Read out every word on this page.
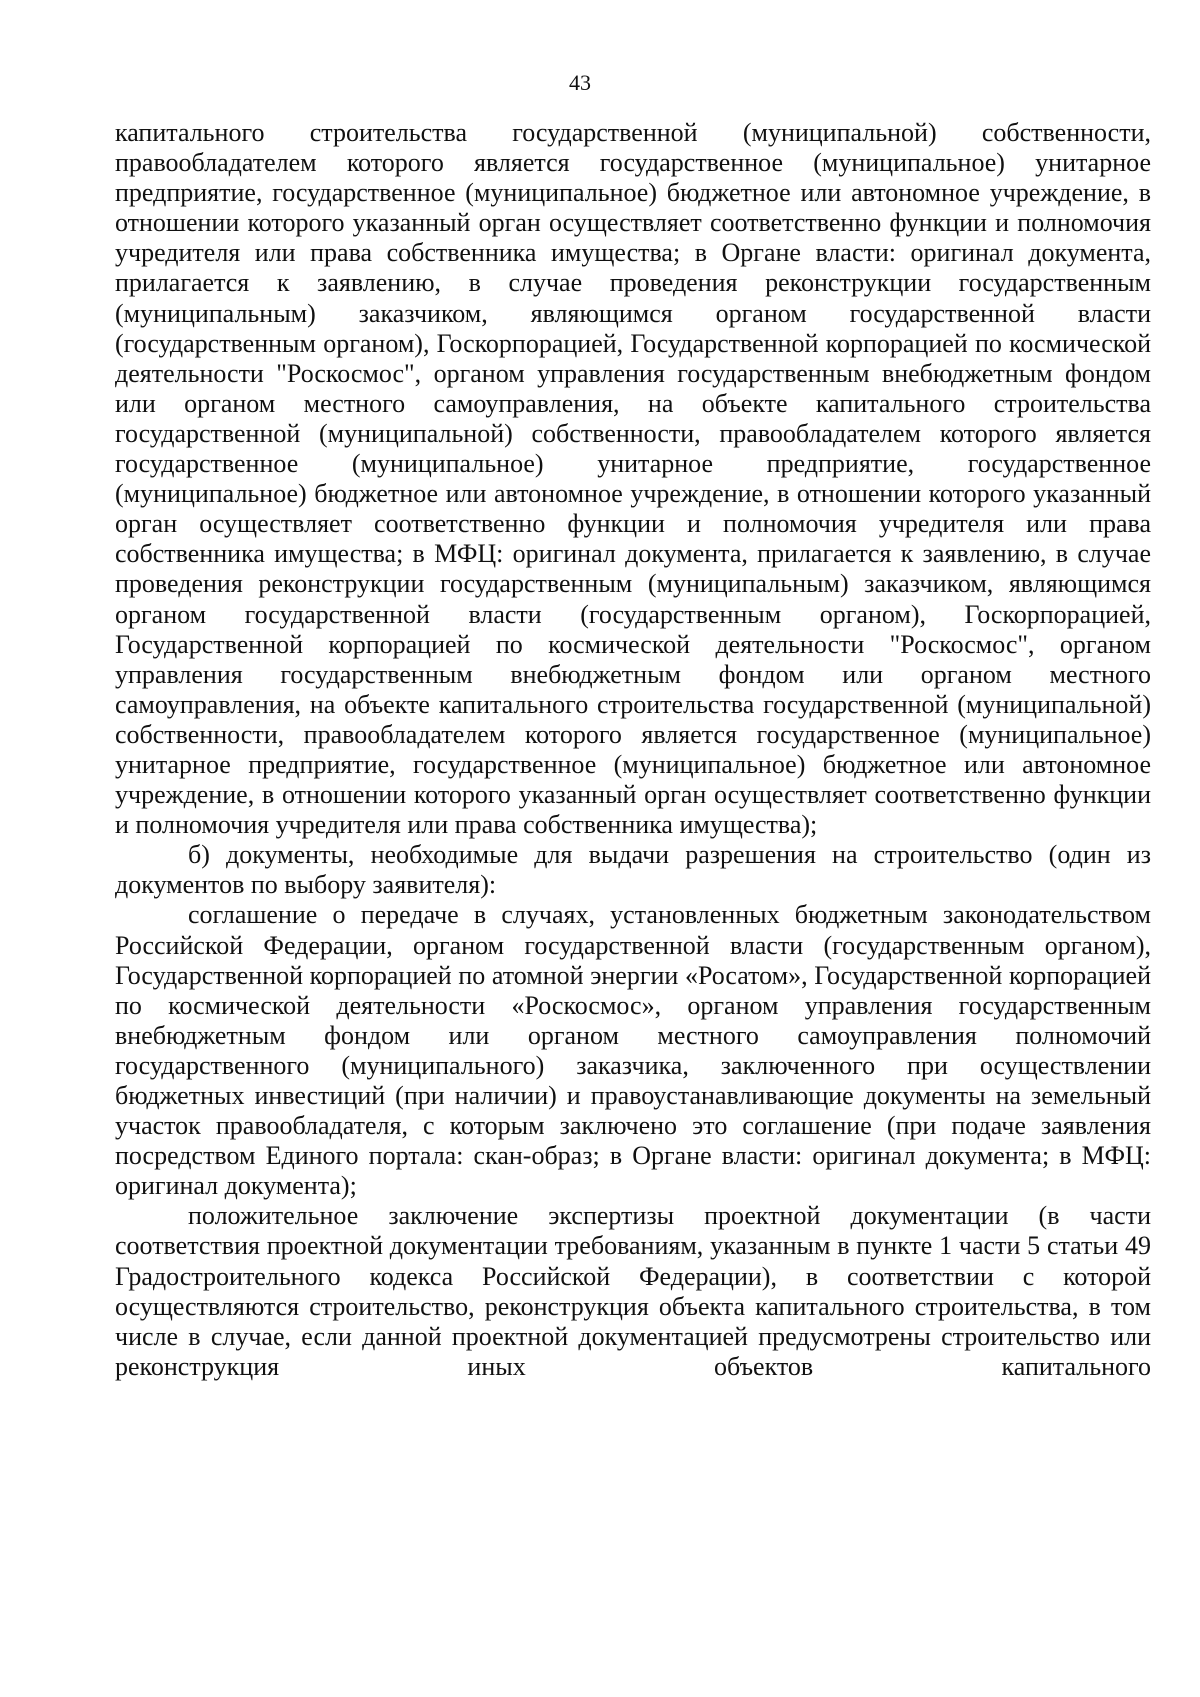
43

капитального строительства государственной (муниципальной) собственности, правообладателем которого является государственное (муниципальное) унитарное предприятие, государственное (муниципальное) бюджетное или автономное учреждение, в отношении которого указанный орган осуществляет соответственно функции и полномочия учредителя или права собственника имущества; в Органе власти: оригинал документа, прилагается к заявлению, в случае проведения реконструкции государственным (муниципальным) заказчиком, являющимся органом государственной власти (государственным органом), Госкорпорацией, Государственной корпорацией по космической деятельности "Роскосмос", органом управления государственным внебюджетным фондом или органом местного самоуправления, на объекте капитального строительства государственной (муниципальной) собственности, правообладателем которого является государственное (муниципальное) унитарное предприятие, государственное (муниципальное) бюджетное или автономное учреждение, в отношении которого указанный орган осуществляет соответственно функции и полномочия учредителя или права собственника имущества; в МФЦ: оригинал документа, прилагается к заявлению, в случае проведения реконструкции государственным (муниципальным) заказчиком, являющимся органом государственной власти (государственным органом), Госкорпорацией, Государственной корпорацией по космической деятельности "Роскосмос", органом управления государственным внебюджетным фондом или органом местного самоуправления, на объекте капитального строительства государственной (муниципальной) собственности, правообладателем которого является государственное (муниципальное) унитарное предприятие, государственное (муниципальное) бюджетное или автономное учреждение, в отношении которого указанный орган осуществляет соответственно функции и полномочия учредителя или права собственника имущества);

б) документы, необходимые для выдачи разрешения на строительство (один из документов по выбору заявителя):

соглашение о передаче в случаях, установленных бюджетным законодательством Российской Федерации, органом государственной власти (государственным органом), Государственной корпорацией по атомной энергии «Росатом», Государственной корпорацией по космической деятельности «Роскосмос», органом управления государственным внебюджетным фондом или органом местного самоуправления полномочий государственного (муниципального) заказчика, заключенного при осуществлении бюджетных инвестиций (при наличии) и правоустанавливающие документы на земельный участок правообладателя, с которым заключено это соглашение (при подаче заявления посредством Единого портала: скан-образ; в Органе власти: оригинал документа; в МФЦ: оригинал документа);

положительное заключение экспертизы проектной документации (в части соответствия проектной документации требованиям, указанным в пункте 1 части 5 статьи 49 Градостроительного кодекса Российской Федерации), в соответствии с которой осуществляются строительство, реконструкция объекта капитального строительства, в том числе в случае, если данной проектной документацией предусмотрены строительство или реконструкция иных объектов капитального
